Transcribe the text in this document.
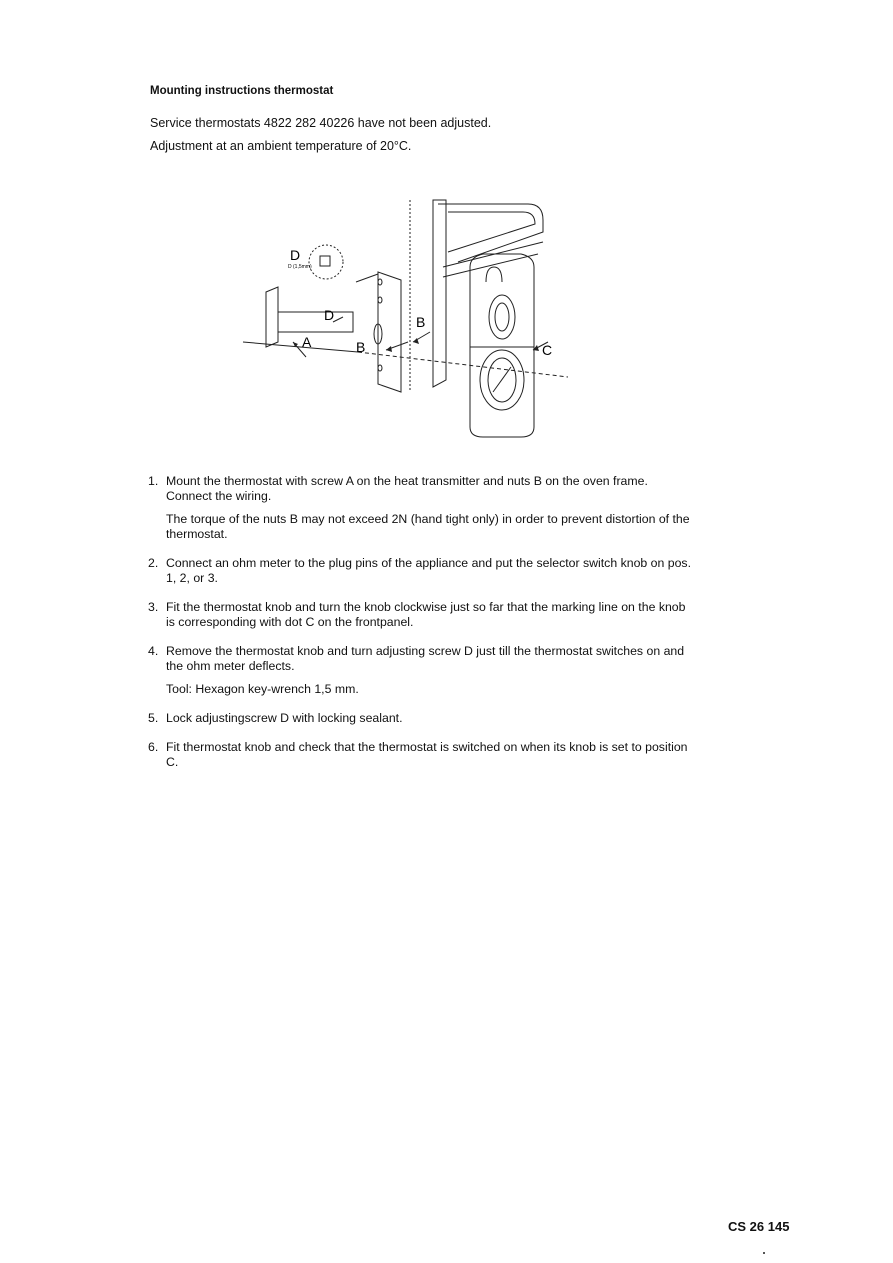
Mounting instructions thermostat
Service thermostats 4822 282 40226 have not been adjusted.
Adjustment at an ambient temperature of 20°C.
D
D (1,5mm)
D
A	B
B
C
1. Mount the thermostat with screw A on the heat transmitter and nuts B on the oven frame. Connect the wiring.

The torque of the nuts B may not exceed 2N (hand tight only) in order to prevent distortion of the thermostat.

2. Connect an ohm meter to the plug pins of the appliance and put the selector switch knob on pos. 1, 2, or 3.

3. Fit the thermostat knob and turn the knob clockwise just so far that the marking line on the knob is corresponding with dot C on the frontpanel.

4. Remove the thermostat knob and turn adjusting screw D just till the thermostat switches on and the ohm meter deflects.

Tool: Hexagon key-wrench 1,5 mm.

5. Lock adjustingscrew D with locking sealant.

6. Fit thermostat knob and check that the thermostat is switched on when its knob is set to position C.

CS 26 145
